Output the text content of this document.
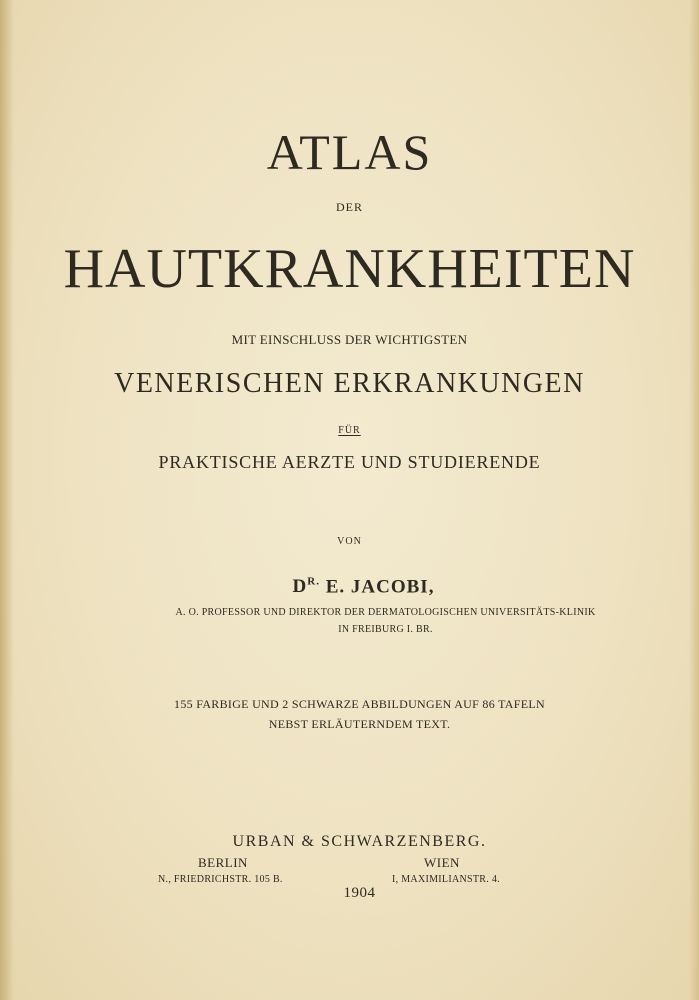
ATLAS
DER
HAUTKRANKHEITEN
MIT EINSCHLUSS DER WICHTIGSTEN
VENERISCHEN ERKRANKUNGEN
FÜR
PRAKTISCHE AERZTE UND STUDIERENDE
VON
$D^{R.}$ E. JACOBI,
A. O. PROFESSOR UND DIREKTOR DER DERMATOLOGISCHEN UNIVERSITÄTS-KLINIK
IN FREIBURG I. BR.
155 FARBIGE UND 2 SCHWARZE ABBILDUNGEN AUF 86 TAFELN
NEBST ERLÄUTERNDEM TEXT.
URBAN & SCHWARZENBERG.
BERLIN	WIEN
N., FRIEDRICHSTR. 105 B.	I, MAXIMILIANSTR. 4.
1904
